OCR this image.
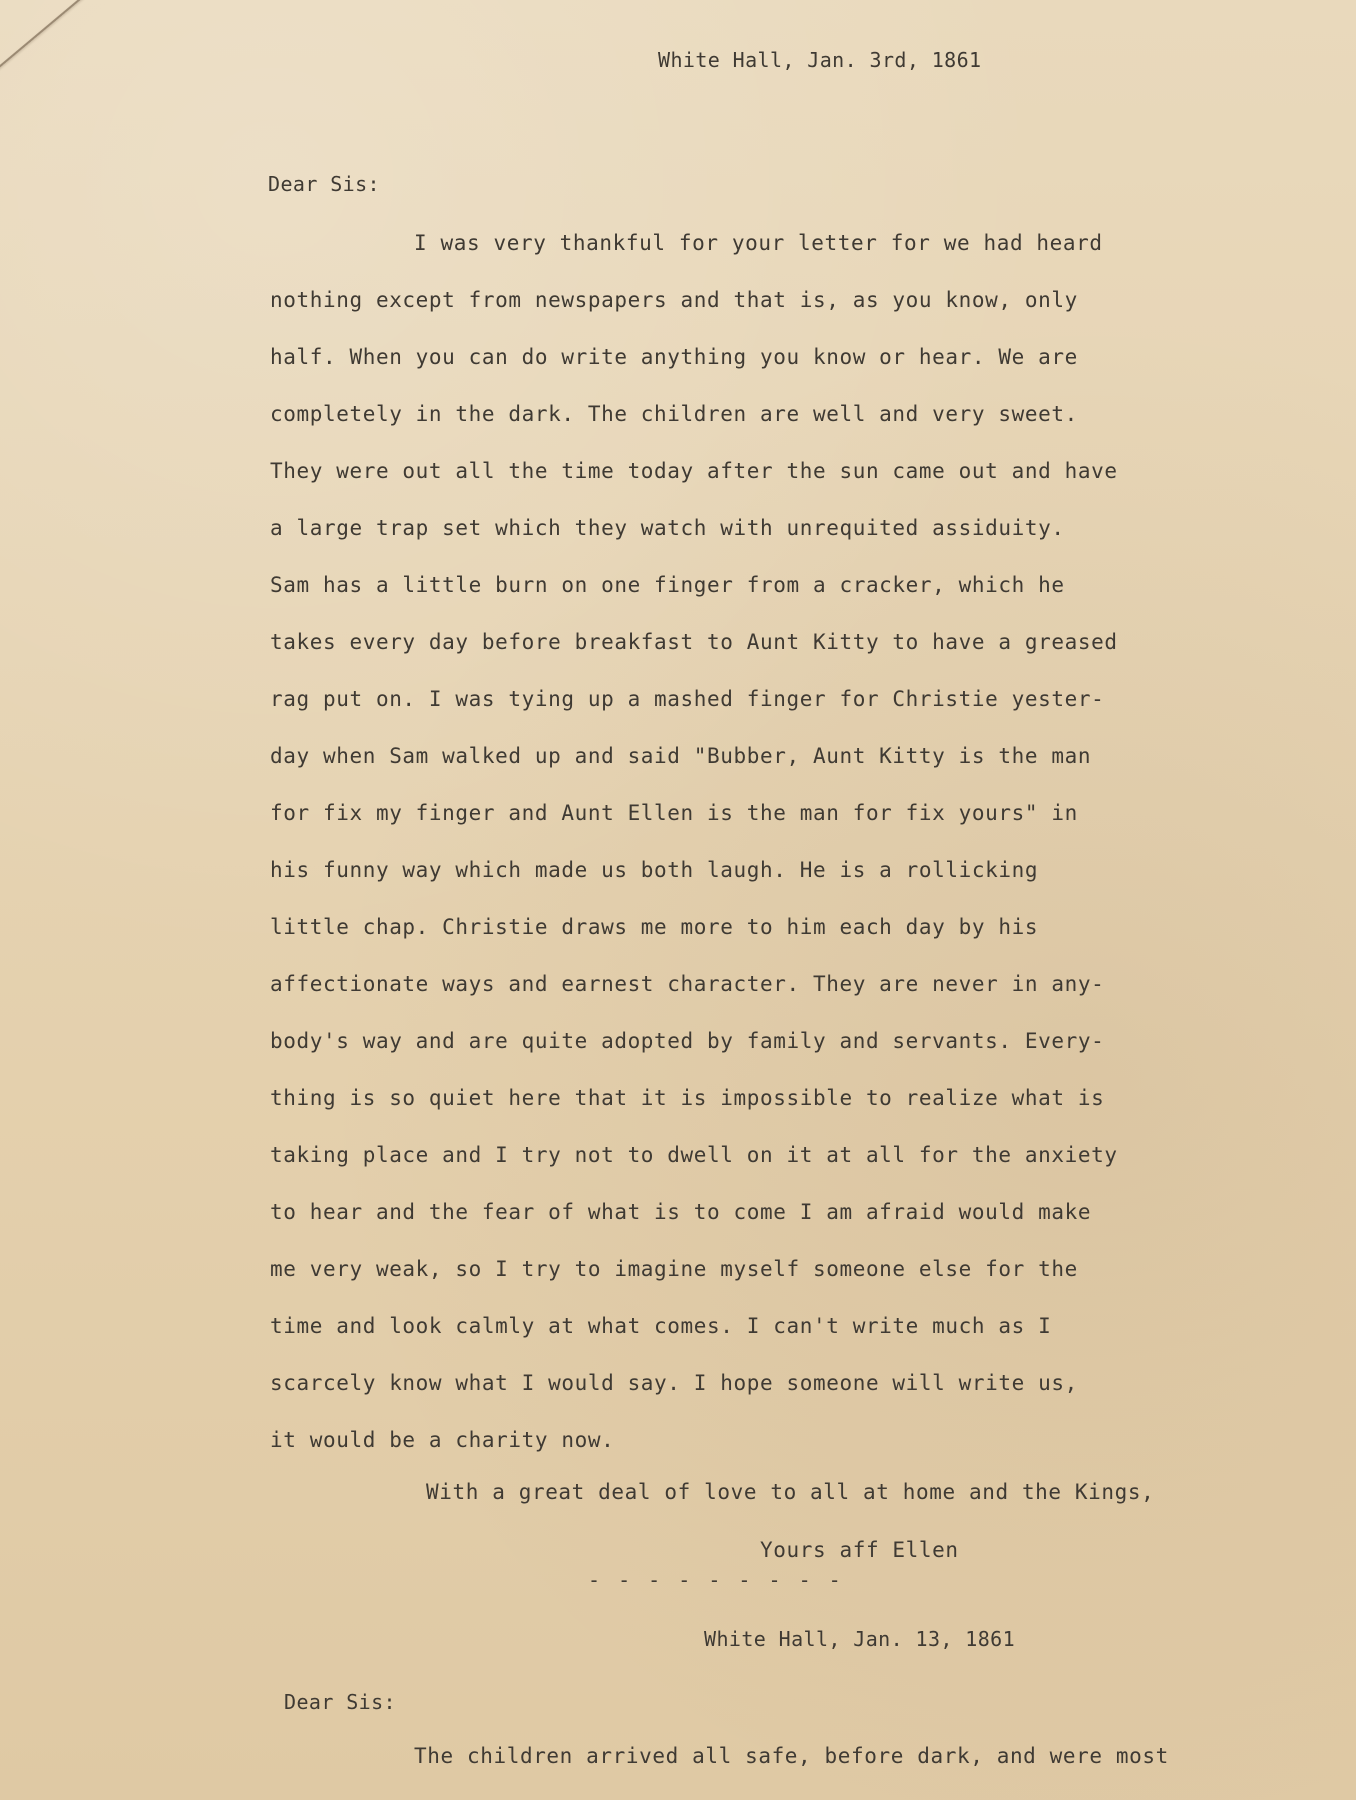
White Hall, Jan. 3rd, 1861
Dear Sis:
I was very thankful for your letter for we had heard
nothing except from newspapers and that is, as you know, only
half. When you can do write anything you know or hear. We are
completely in the dark. The children are well and very sweet.
They were out all the time today after the sun came out and have
a large trap set which they watch with unrequited assiduity.
Sam has a little burn on one finger from a cracker, which he
takes every day before breakfast to Aunt Kitty to have a greased
rag put on. I was tying up a mashed finger for Christie yester-
day when Sam walked up and said "Bubber, Aunt Kitty is the man
for fix my finger and Aunt Ellen is the man for fix yours" in
his funny way which made us both laugh. He is a rollicking
little chap. Christie draws me more to him each day by his
affectionate ways and earnest character. They are never in any-
body's way and are quite adopted by family and servants. Every-
thing is so quiet here that it is impossible to realize what is
taking place and I try not to dwell on it at all for the anxiety
to hear and the fear of what is to come I am afraid would make
me very weak, so I try to imagine myself someone else for the
time and look calmly at what comes. I can't write much as I
scarcely know what I would say. I hope someone will write us,
it would be a charity now.
With a great deal of love to all at home and the Kings,
Yours aff Ellen
- - - - - - - - -
White Hall, Jan. 13, 1861
Dear Sis:
The children arrived all safe, before dark, and were most
